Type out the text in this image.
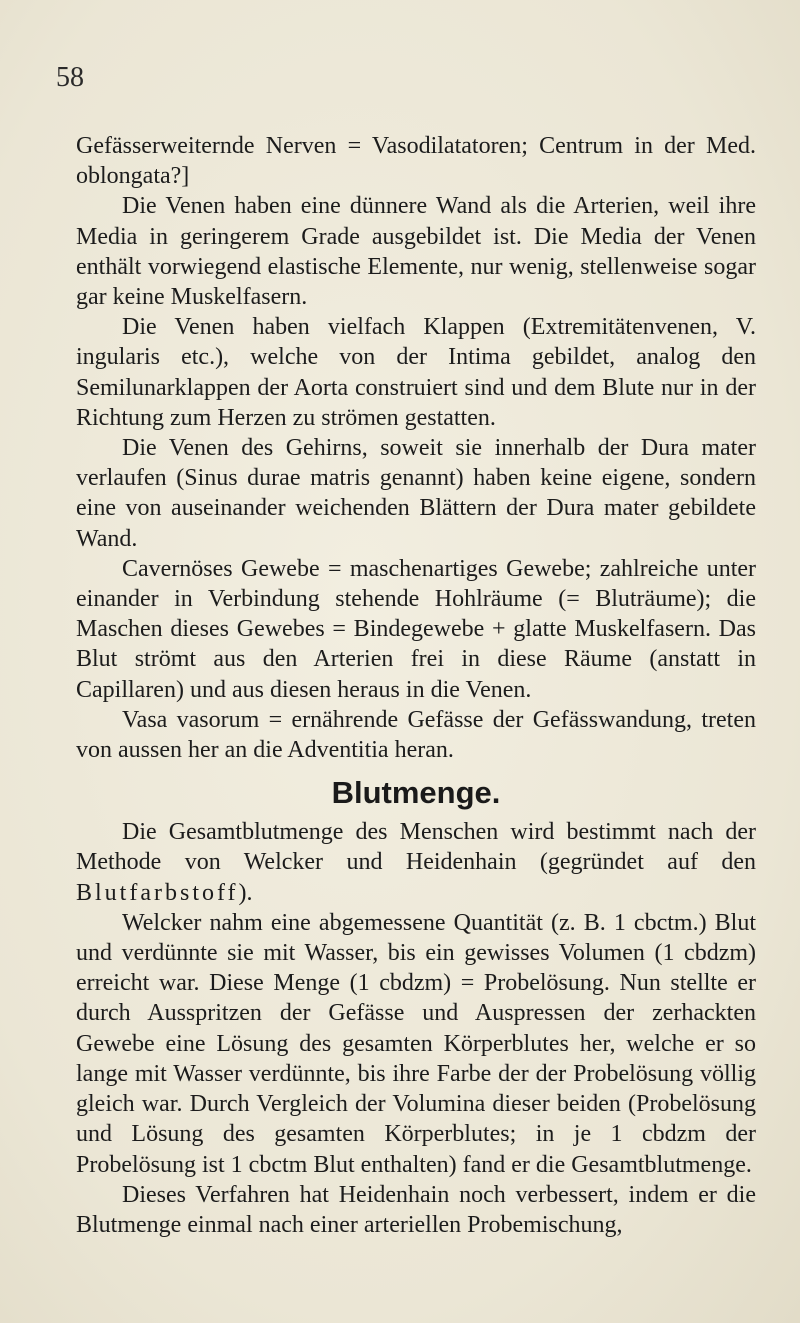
58

Gefässerweiternde Nerven = Vasodilatatoren; Centrum in der Med. oblongata?]

Die Venen haben eine dünnere Wand als die Arterien, weil ihre Media in geringerem Grade ausgebildet ist. Die Media der Venen enthält vorwiegend elastische Elemente, nur wenig, stellenweise sogar gar keine Muskelfasern.

Die Venen haben vielfach Klappen (Extremitätenvenen, V. ingularis etc.), welche von der Intima gebildet, analog den Semilunarklappen der Aorta construiert sind und dem Blute nur in der Richtung zum Herzen zu strömen gestatten.

Die Venen des Gehirns, soweit sie innerhalb der Dura mater verlaufen (Sinus durae matris genannt) haben keine eigene, sondern eine von auseinander weichenden Blättern der Dura mater gebildete Wand.

Cavernöses Gewebe = maschenartiges Gewebe; zahlreiche unter einander in Verbindung stehende Hohlräume (= Bluträume); die Maschen dieses Gewebes = Bindegewebe + glatte Muskelfasern. Das Blut strömt aus den Arterien frei in diese Räume (anstatt in Capillaren) und aus diesen heraus in die Venen.

Vasa vasorum = ernährende Gefässe der Gefässwandung, treten von aussen her an die Adventitia heran.

Blutmenge.

Die Gesamtblutmenge des Menschen wird bestimmt nach der Methode von Welcker und Heidenhain (gegründet auf den Blutfarbstoff).

Welcker nahm eine abgemessene Quantität (z. B. 1 cbctm.) Blut und verdünnte sie mit Wasser, bis ein gewisses Volumen (1 cbdzm) erreicht war. Diese Menge (1 cbdzm) = Probelösung. Nun stellte er durch Ausspritzen der Gefässe und Auspressen der zerhackten Gewebe eine Lösung des gesamten Körperblutes her, welche er so lange mit Wasser verdünnte, bis ihre Farbe der der Probelösung völlig gleich war. Durch Vergleich der Volumina dieser beiden (Probelösung und Lösung des gesamten Körperblutes; in je 1 cbdzm der Probelösung ist 1 cbctm Blut enthalten) fand er die Gesamtblutmenge.

Dieses Verfahren hat Heidenhain noch verbessert, indem er die Blutmenge einmal nach einer arteriellen Probemischung,
